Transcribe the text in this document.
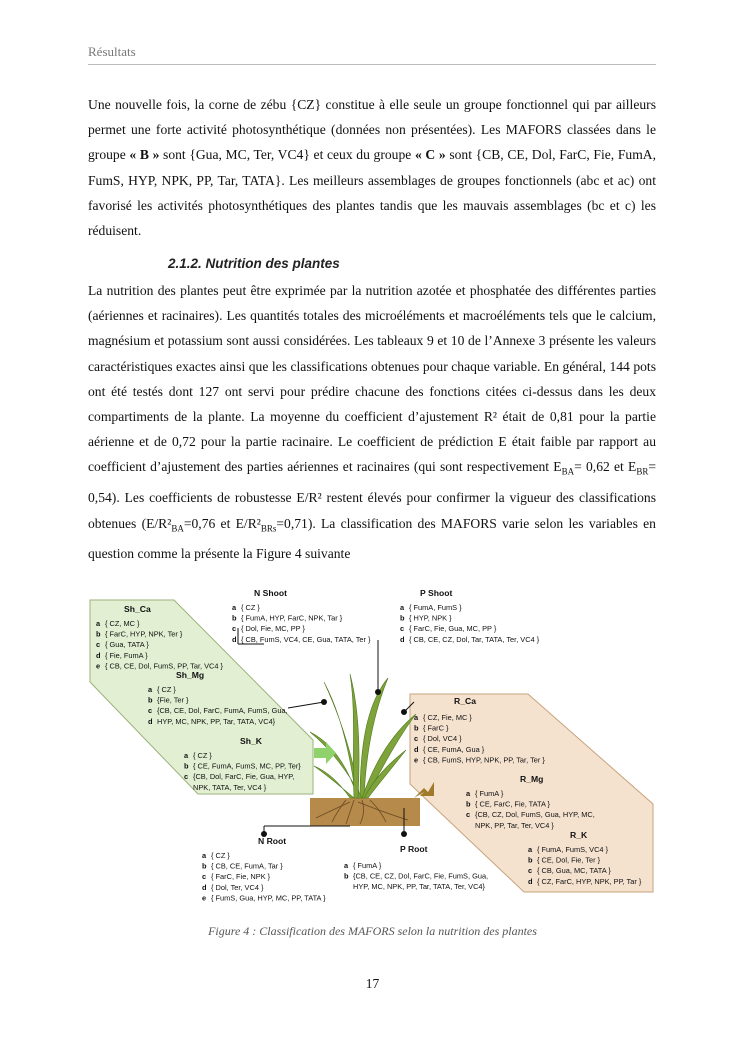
Résultats
Une nouvelle fois, la corne de zébu {CZ} constitue à elle seule un groupe fonctionnel qui par ailleurs permet une forte activité photosynthétique (données non présentées). Les MAFORS classées dans le groupe « B » sont {Gua, MC, Ter, VC4} et ceux du groupe « C » sont {CB, CE, Dol, FarC, Fie, FumA, FumS, HYP, NPK, PP, Tar, TATA}. Les meilleurs assemblages de groupes fonctionnels (abc et ac) ont favorisé les activités photosynthétiques des plantes tandis que les mauvais assemblages (bc et c) les réduisent.
2.1.2. Nutrition des plantes
La nutrition des plantes peut être exprimée par la nutrition azotée et phosphatée des différentes parties (aériennes et racinaires). Les quantités totales des microéléments et macroéléments tels que le calcium, magnésium et potassium sont aussi considérées. Les tableaux 9 et 10 de l’Annexe 3 présente les valeurs caractéristiques exactes ainsi que les classifications obtenues pour chaque variable. En général, 144 pots ont été testés dont 127 ont servi pour prédire chacune des fonctions citées ci-dessus dans les deux compartiments de la plante. La moyenne du coefficient d’ajustement R² était de 0,81 pour la partie aérienne et de 0,72 pour la partie racinaire. Le coefficient de prédiction E était faible par rapport au coefficient d’ajustement des parties aériennes et racinaires (qui sont respectivement $E_{BA}= 0,62$ et $E_{BR}= 0,54$). Les coefficients de robustesse E/R² restent élevés pour confirmer la vigueur des classifications obtenues ($E/R^2_{BA}=0,76$ et $E/R^2_{BRs}=0,71$). La classification des MAFORS varie selon les variables en question comme la présente la Figure 4 suivante
Sh_Ca
a { CZ, MC }
b { FarC, HYP, NPK, Ter }
c { Gua, TATA }
d { Fie, FumA }
e { CB, CE, Dol, FumS, PP, Tar, VC4 }
Sh_Mg
a { CZ }
b {Fie, Ter }
c {CB, CE, Dol, FarC, FumA, FumS, Gua,
d HYP, MC, NPK, PP, Tar, TATA, VC4}
Sh_K
a { CZ }
b { CE, FumA, FumS, MC, PP, Ter}
c {CB, Dol, FarC, Fie, Gua, HYP,
NPK, TATA, Ter, VC4 }
N Shoot
a { CZ }
b { FumA, HYP, FarC, NPK, Tar }
c { Dol, Fie, MC, PP }
d { CB, FumS, VC4, CE, Gua, TATA, Ter }
P Shoot
a { FumA, FumS }
b { HYP, NPK }
c { FarC, Fie, Gua, MC, PP }
d { CB, CE, CZ, Dol, Tar, TATA, Ter, VC4 }
R_Ca
a { CZ, Fie, MC }
b { FarC }
c { Dol, VC4 }
d { CE, FumA, Gua }
e { CB, FumS, HYP, NPK, PP, Tar, Ter }
R_Mg
a { FumA }
b { CE, FarC, Fie, TATA }
c {CB, CZ, Dol, FumS, Gua, HYP, MC,
NPK, PP, Tar, Ter, VC4 }
R_K
a { FumA, FumS, VC4 }
b { CE, Dol, Fie, Ter }
c { CB, Gua, MC, TATA }
d { CZ, FarC, HYP, NPK, PP, Tar }
N Root
a { CZ }
b { CB, CE, FumA, Tar }
c { FarC, Fie, NPK }
d { Dol, Ter, VC4 }
e { FumS, Gua, HYP, MC, PP, TATA }
P Root
a { FumA }
b {CB, CE, CZ, Dol, FarC, Fie, FumS, Gua,
HYP, MC, NPK, PP, Tar, TATA, Ter, VC4}
Figure 4 : Classification des MAFORS selon la nutrition des plantes
17
